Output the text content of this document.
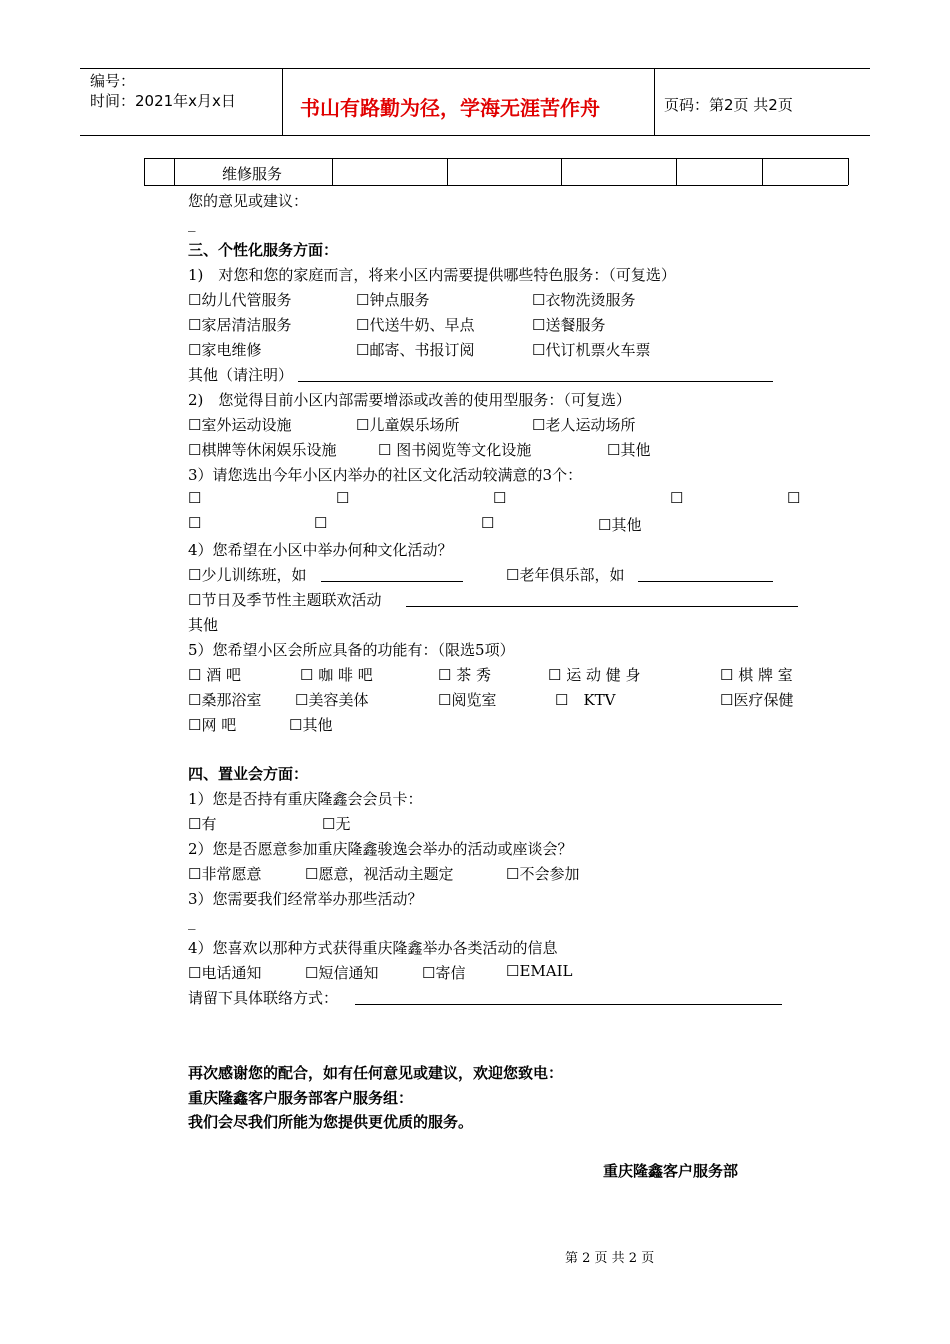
编号：
时间：2021年x月x日	书山有路勤为径，学海无涯苦作舟	页码：第2页 共2页
维修服务
您的意见或建议：
_
三、个性化服务方面：
1)　对您和您的家庭而言，将来小区内需要提供哪些特色服务：（可复选）
☐幼儿代管服务	☐钟点服务	☐衣物洗烫服务
☐家居清洁服务	☐代送牛奶、早点	☐送餐服务
☐家电维修	☐邮寄、书报订阅	☐代订机票火车票
其他（请注明）
2)　您觉得目前小区内部需要增添或改善的使用型服务：（可复选）
☐室外运动设施	☐儿童娱乐场所	☐老人运动场所
☐棋牌等休闲娱乐设施	☐ 图书阅览等文化设施	☐其他
3）请您选出今年小区内举办的社区文化活动较满意的3个：
☐	☐	☐	☐	☐
☐	☐	☐	☐其他
4）您希望在小区中举办何种文化活动？
☐少儿训练班，如	☐老年俱乐部，如
☐节日及季节性主题联欢活动
其他
5）您希望小区会所应具备的功能有：（限选5项）
☐ 酒 吧	☐ 咖 啡 吧	☐ 茶 秀	☐ 运 动 健 身	☐ 棋 牌 室
☐桑那浴室 ☐美容美体	☐阅览室	☐　KTV	☐医疗保健
☐网 吧	☐其他
四、置业会方面：
1）您是否持有重庆隆鑫会会员卡：
☐有	☐无
2）您是否愿意参加重庆隆鑫骏逸会举办的活动或座谈会？
☐非常愿意	☐愿意，视活动主题定	☐不会参加
3）您需要我们经常举办那些活动？
_
4）您喜欢以那种方式获得重庆隆鑫举办各类活动的信息
☐电话通知	☐短信通知	☐寄信	☐EMAIL
请留下具体联络方式：
再次感谢您的配合，如有任何意见或建议，欢迎您致电：
重庆隆鑫客户服务部客户服务组：
我们会尽我们所能为您提供更优质的服务。
重庆隆鑫客户服务部
第 2 页 共 2 页
